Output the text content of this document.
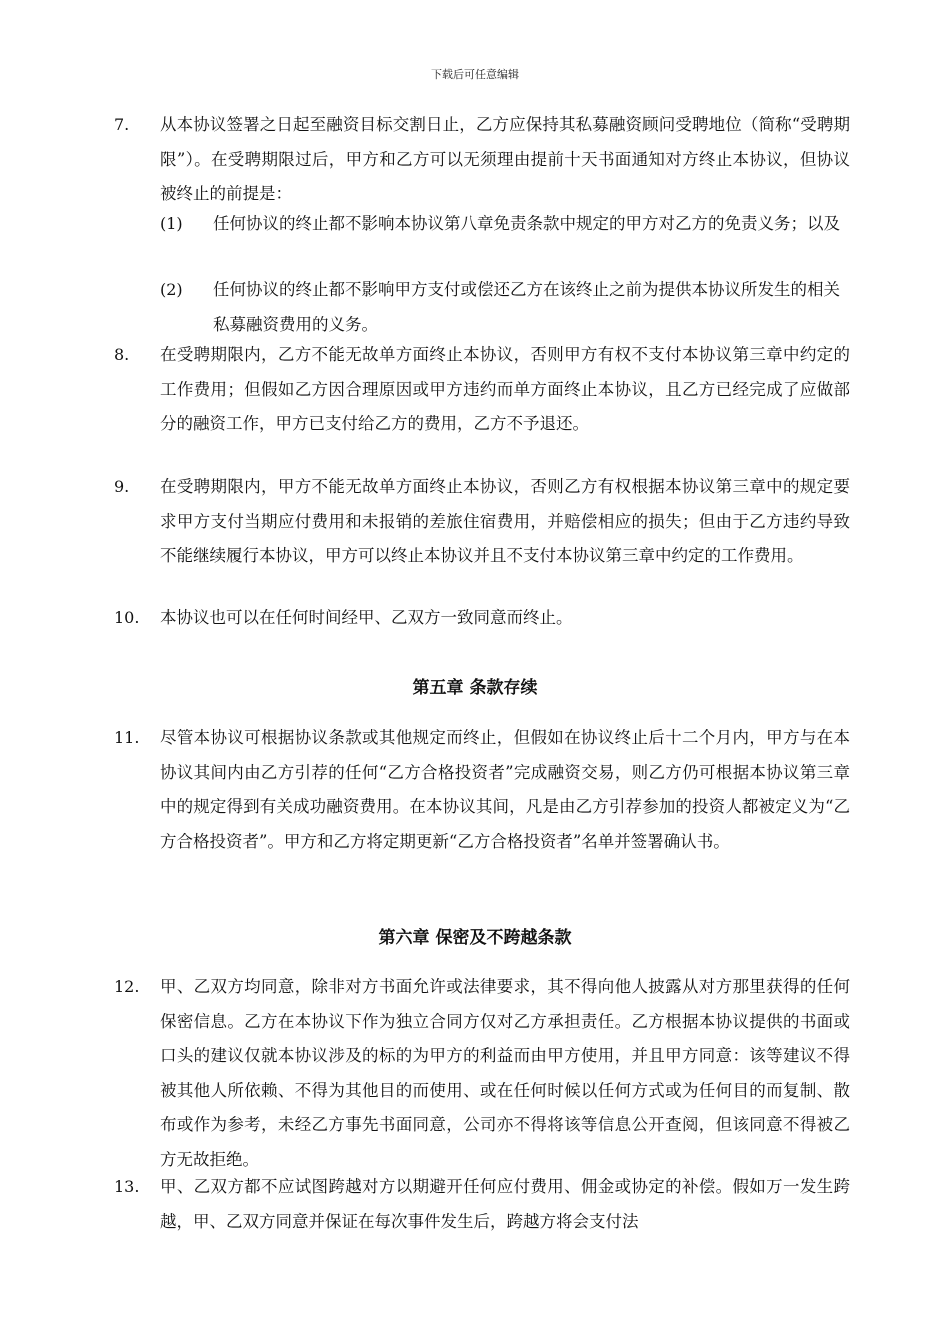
下载后可任意编辑
7.	从本协议签署之日起至融资目标交割日止，乙方应保持其私募融资顾问受聘地位（简称“受聘期限”）。在受聘期限过后，甲方和乙方可以无须理由提前十天书面通知对方终止本协议，但协议被终止的前提是：
(1)	任何协议的终止都不影响本协议第八章免责条款中规定的甲方对乙方的免责义务；以及
(2)	任何协议的终止都不影响甲方支付或偿还乙方在该终止之前为提供本协议所发生的相关私募融资费用的义务。
8.	在受聘期限内，乙方不能无故单方面终止本协议，否则甲方有权不支付本协议第三章中约定的工作费用；但假如乙方因合理原因或甲方违约而单方面终止本协议，且乙方已经完成了应做部分的融资工作，甲方已支付给乙方的费用，乙方不予退还。
9.	在受聘期限内，甲方不能无故单方面终止本协议，否则乙方有权根据本协议第三章中的规定要求甲方支付当期应付费用和未报销的差旅住宿费用，并赔偿相应的损失；但由于乙方违约导致不能继续履行本协议，甲方可以终止本协议并且不支付本协议第三章中约定的工作费用。
10.	本协议也可以在任何时间经甲、乙双方一致同意而终止。
第五章 条款存续
11.	尽管本协议可根据协议条款或其他规定而终止，但假如在协议终止后十二个月内，甲方与在本协议其间内由乙方引荐的任何“乙方合格投资者”完成融资交易，则乙方仍可根据本协议第三章中的规定得到有关成功融资费用。在本协议其间，凡是由乙方引荐参加的投资人都被定义为“乙方合格投资者”。甲方和乙方将定期更新“乙方合格投资者”名单并签署确认书。
第六章 保密及不跨越条款
12.	甲、乙双方均同意，除非对方书面允许或法律要求，其不得向他人披露从对方那里获得的任何保密信息。乙方在本协议下作为独立合同方仅对乙方承担责任。乙方根据本协议提供的书面或口头的建议仅就本协议涉及的标的为甲方的利益而由甲方使用，并且甲方同意：该等建议不得被其他人所依赖、不得为其他目的而使用、或在任何时候以任何方式或为任何目的而复制、散布或作为参考，未经乙方事先书面同意，公司亦不得将该等信息公开查阅，但该同意不得被乙方无故拒绝。
13.	甲、乙双方都不应试图跨越对方以期避开任何应付费用、佣金或协定的补偿。假如万一发生跨越，甲、乙双方同意并保证在每次事件发生后，跨越方将会支付法
